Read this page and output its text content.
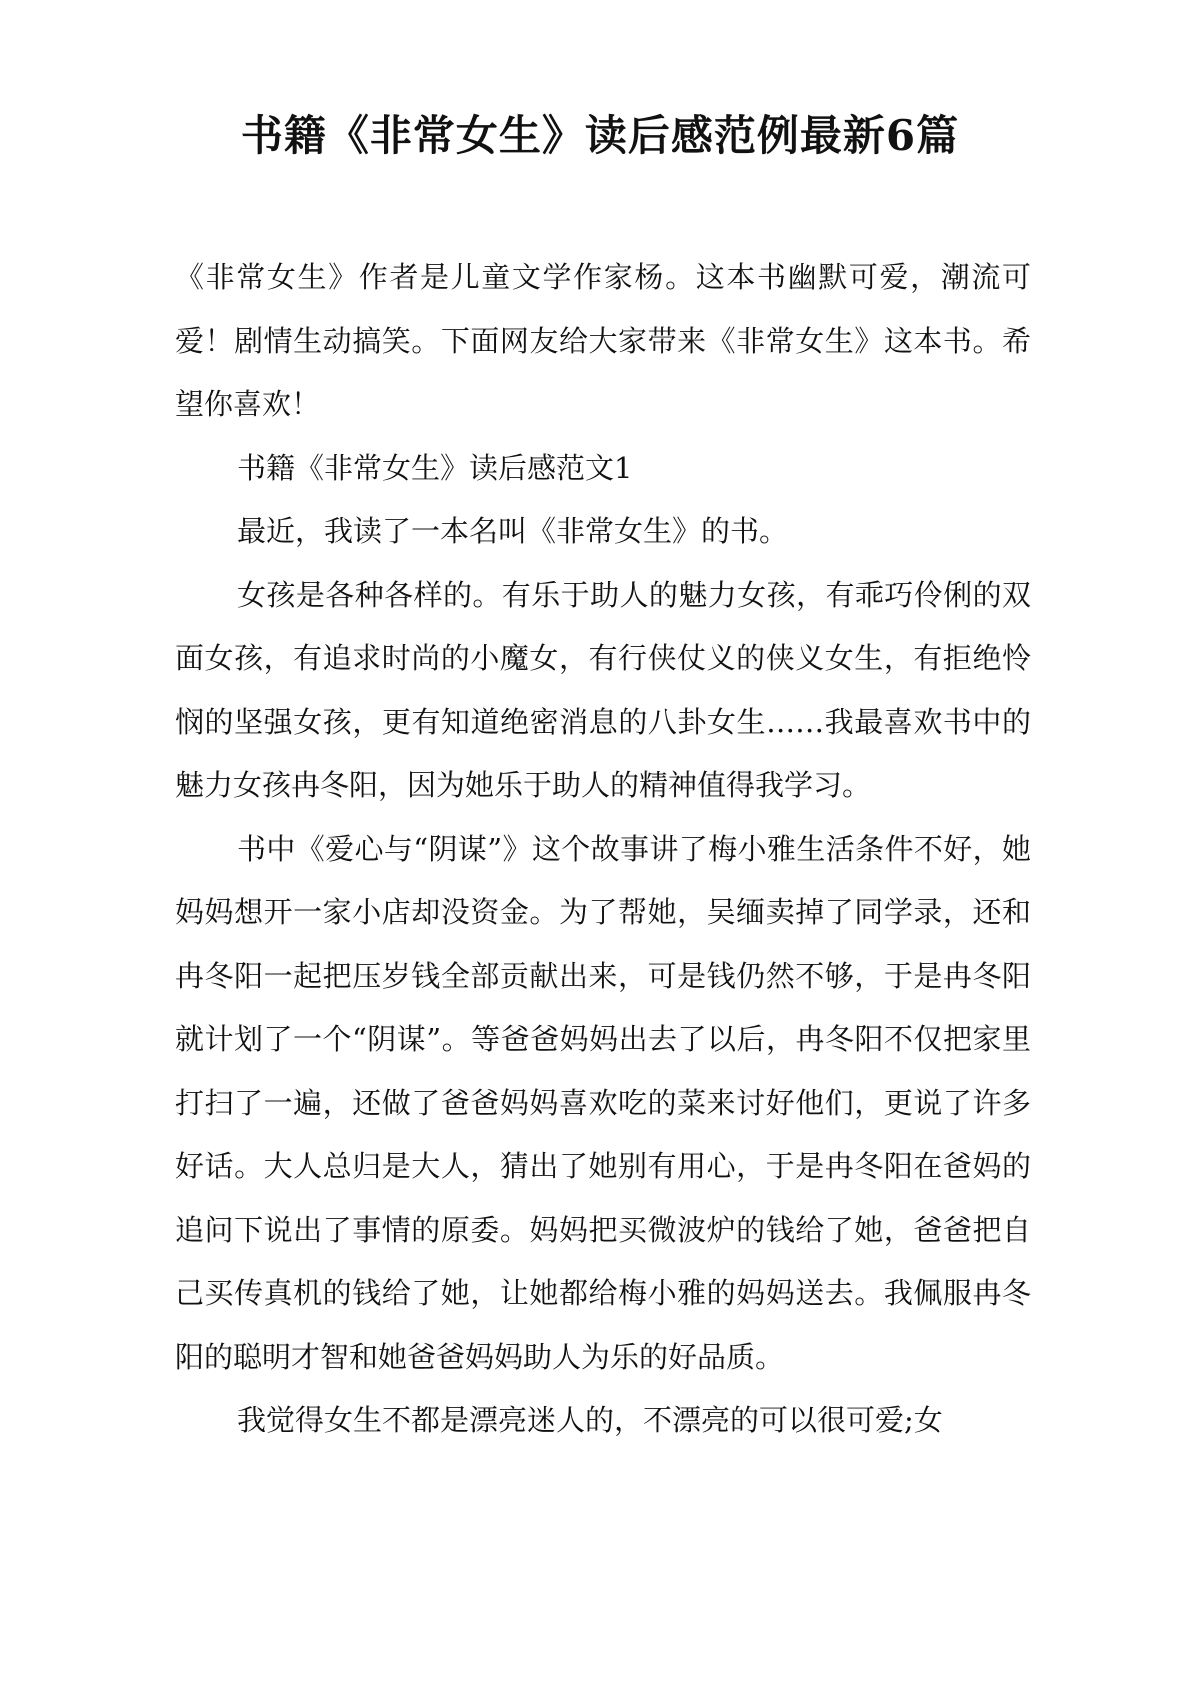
书籍《非常女生》读后感范例最新6篇

《非常女生》作者是儿童文学作家杨。这本书幽默可爱，潮流可爱！剧情生动搞笑。下面网友给大家带来《非常女生》这本书。希望你喜欢！

书籍《非常女生》读后感范文1

最近，我读了一本名叫《非常女生》的书。

女孩是各种各样的。有乐于助人的魅力女孩，有乖巧伶俐的双面女孩，有追求时尚的小魔女，有行侠仗义的侠义女生，有拒绝怜悯的坚强女孩，更有知道绝密消息的八卦女生……我最喜欢书中的魅力女孩冉冬阳，因为她乐于助人的精神值得我学习。

书中《爱心与“阴谋”》这个故事讲了梅小雅生活条件不好，她妈妈想开一家小店却没资金。为了帮她，吴缅卖掉了同学录，还和冉冬阳一起把压岁钱全部贡献出来，可是钱仍然不够，于是冉冬阳就计划了一个“阴谋”。等爸爸妈妈出去了以后，冉冬阳不仅把家里打扫了一遍，还做了爸爸妈妈喜欢吃的菜来讨好他们，更说了许多好话。大人总归是大人，猜出了她别有用心，于是冉冬阳在爸妈的追问下说出了事情的原委。妈妈把买微波炉的钱给了她，爸爸把自己买传真机的钱给了她，让她都给梅小雅的妈妈送去。我佩服冉冬阳的聪明才智和她爸爸妈妈助人为乐的好品质。

我觉得女生不都是漂亮迷人的，不漂亮的可以很可爱;女
